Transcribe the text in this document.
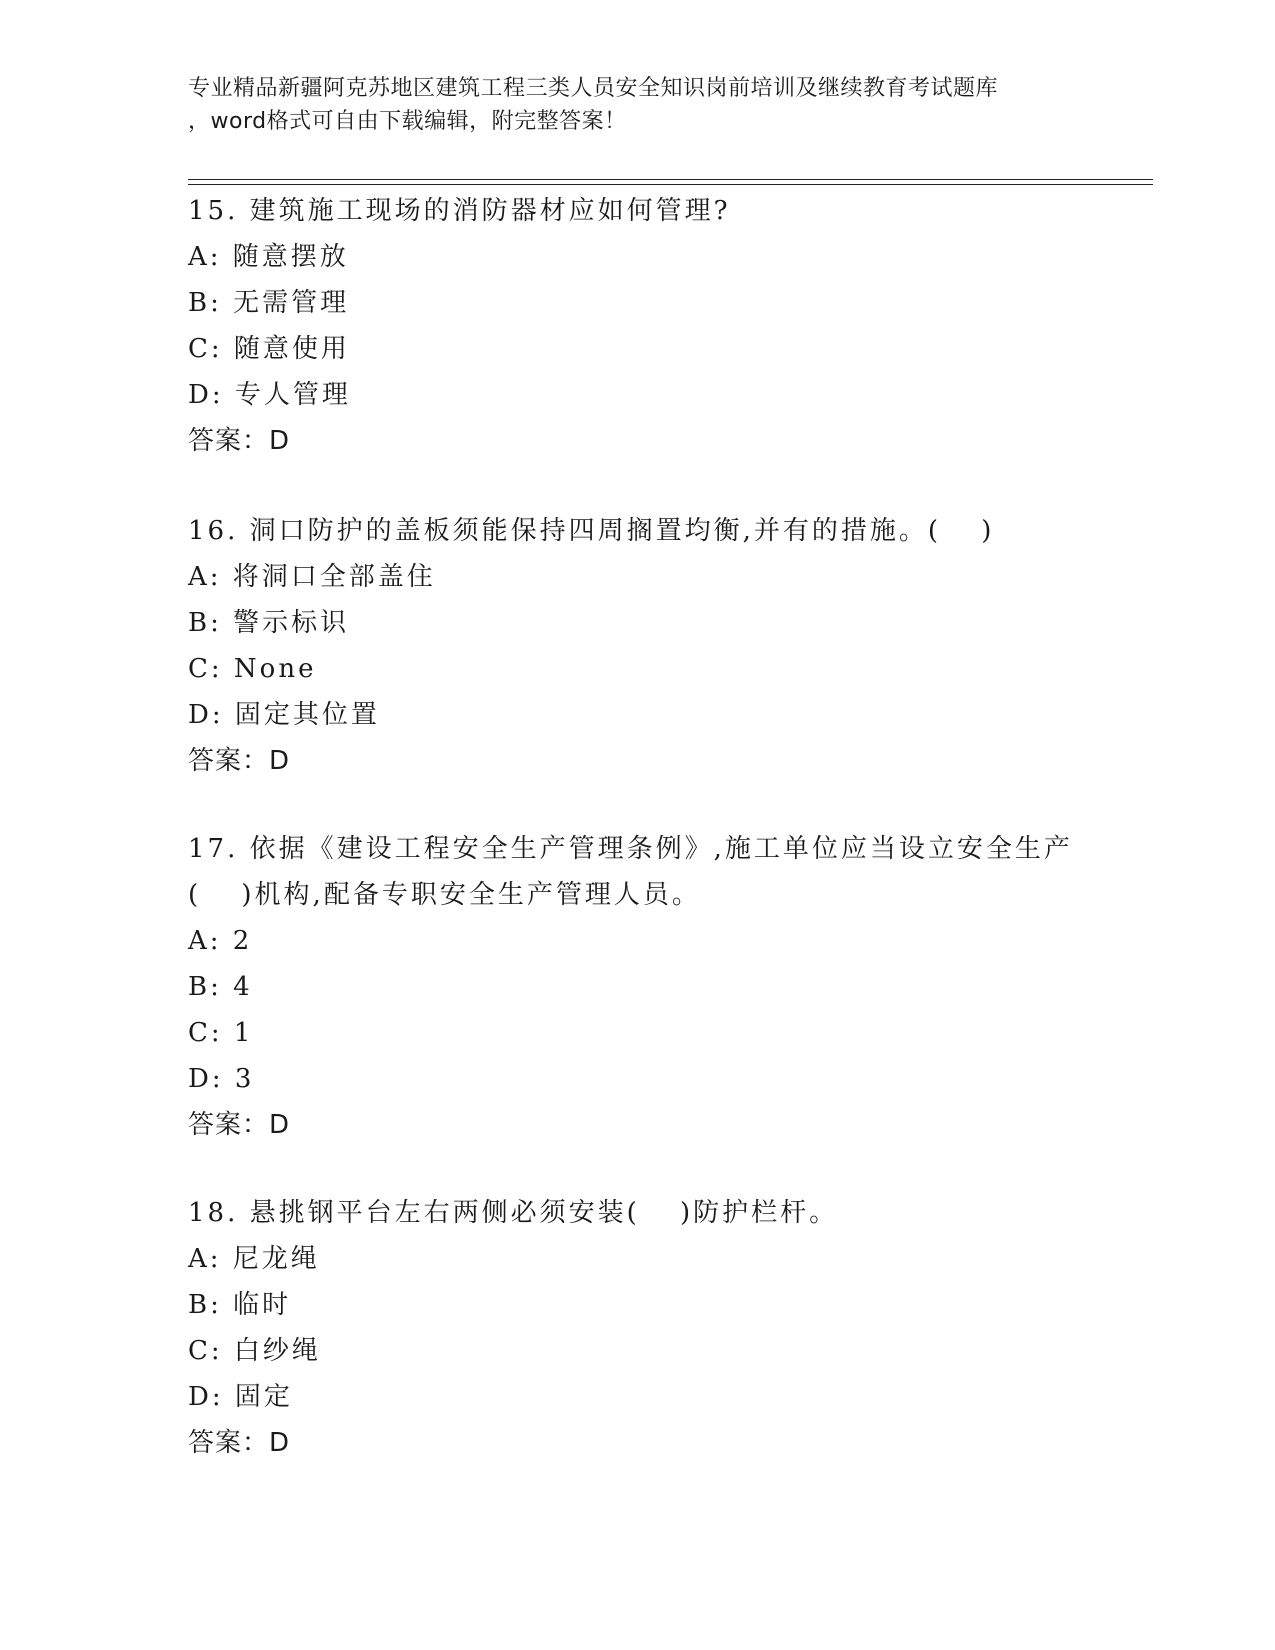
专业精品新疆阿克苏地区建筑工程三类人员安全知识岗前培训及继续教育考试题库
，word格式可自由下载编辑，附完整答案！
15. 建筑施工现场的消防器材应如何管理?
A: 随意摆放
B: 无需管理
C: 随意使用
D: 专人管理
答案：D
16. 洞口防护的盖板须能保持四周搁置均衡,并有的措施。(　 )
A: 将洞口全部盖住
B: 警示标识
C: None
D: 固定其位置
答案：D
17. 依据《建设工程安全生产管理条例》,施工单位应当设立安全生产
(　 )机构,配备专职安全生产管理人员。
A: 2
B: 4
C: 1
D: 3
答案：D
18. 悬挑钢平台左右两侧必须安装(　 )防护栏杆。
A: 尼龙绳
B: 临时
C: 白纱绳
D: 固定
答案：D
